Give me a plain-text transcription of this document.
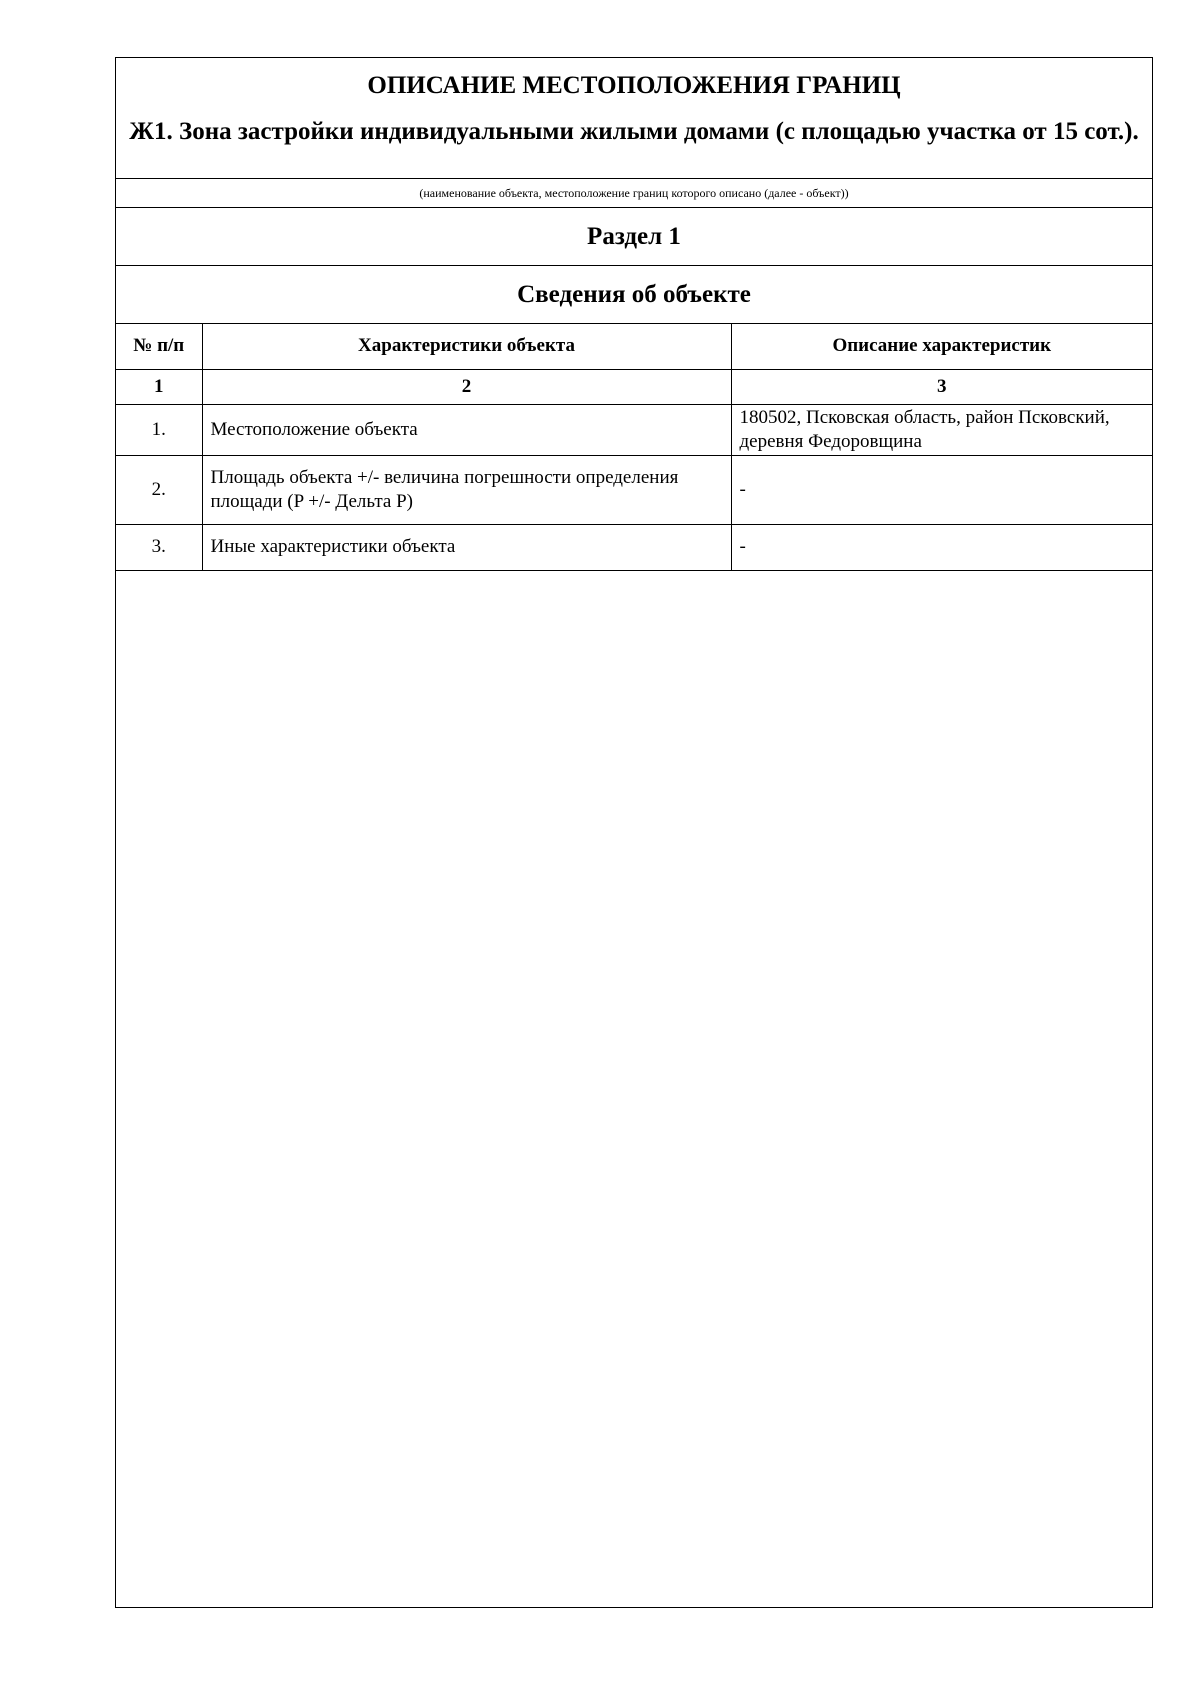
ОПИСАНИЕ МЕСТОПОЛОЖЕНИЯ ГРАНИЦ
Ж1. Зона застройки индивидуальными жилыми домами (с площадью участка от 15 сот.).
(наименование объекта, местоположение границ которого описано (далее - объект))
Раздел 1
Сведения об объекте
№ п/п	Характеристики объекта	Описание характеристик
1	2	3
1.	Местоположение объекта	180502, Псковская область, район Псковский, деревня Федоровщина
2.	Площадь объекта +/- величина погрешности определения площади (P +/- Дельта P)	-
3.	Иные характеристики объекта	-
